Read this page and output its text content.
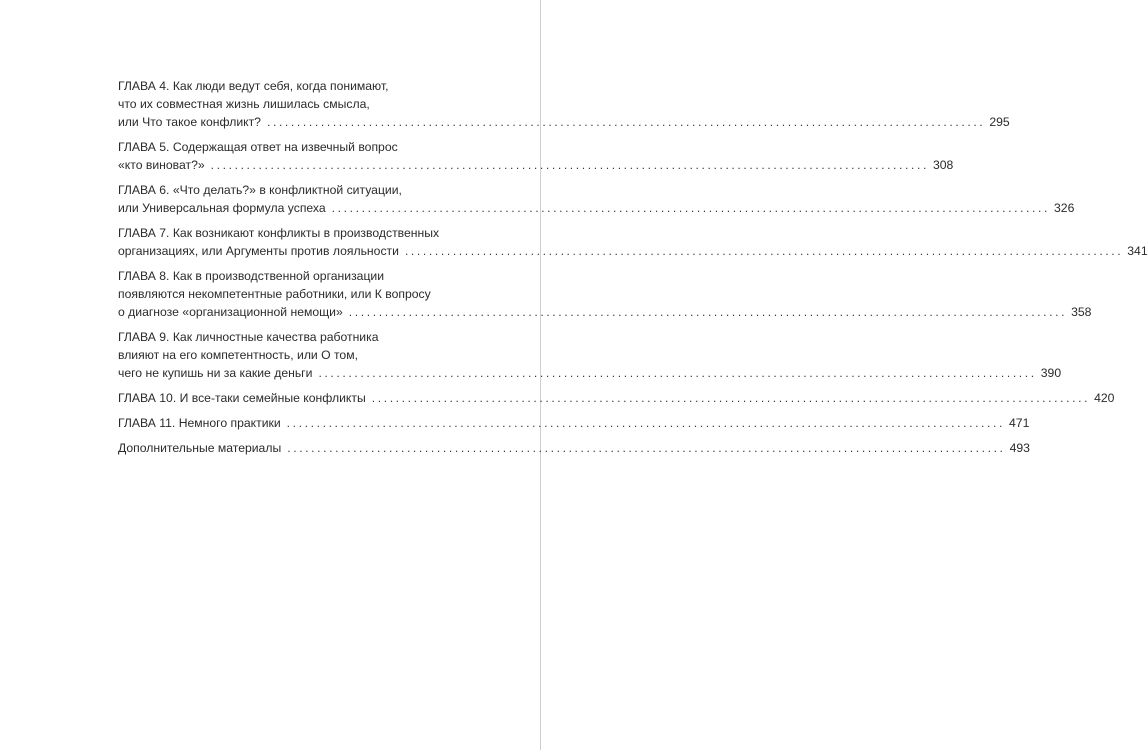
ГЛАВА 4. Как люди ведут себя, когда понимают,
что их совместная жизнь лишилась смысла,
или Что такое конфликт? ........................................................................................................................ 295
ГЛАВА 5. Содержащая ответ на извечный вопрос
«кто виноват?» ........................................................................................................................ 308
ГЛАВА 6. «Что делать?» в конфликтной ситуации,
или Универсальная формула успеха ........................................................................................................................ 326
ГЛАВА 7. Как возникают конфликты в производственных
организациях, или Аргументы против лояльности ........................................................................................................................ 341
ГЛАВА 8. Как в производственной организации
появляются некомпетентные работники, или К вопросу
о диагнозе «организационной немощи» ........................................................................................................................ 358
ГЛАВА 9. Как личностные качества работника
влияют на его компетентность, или О том,
чего не купишь ни за какие деньги ........................................................................................................................ 390
ГЛАВА 10. И все-таки семейные конфликты ........................................................................................................................ 420
ГЛАВА 11. Немного практики ........................................................................................................................ 471
Дополнительные материалы ........................................................................................................................ 493
